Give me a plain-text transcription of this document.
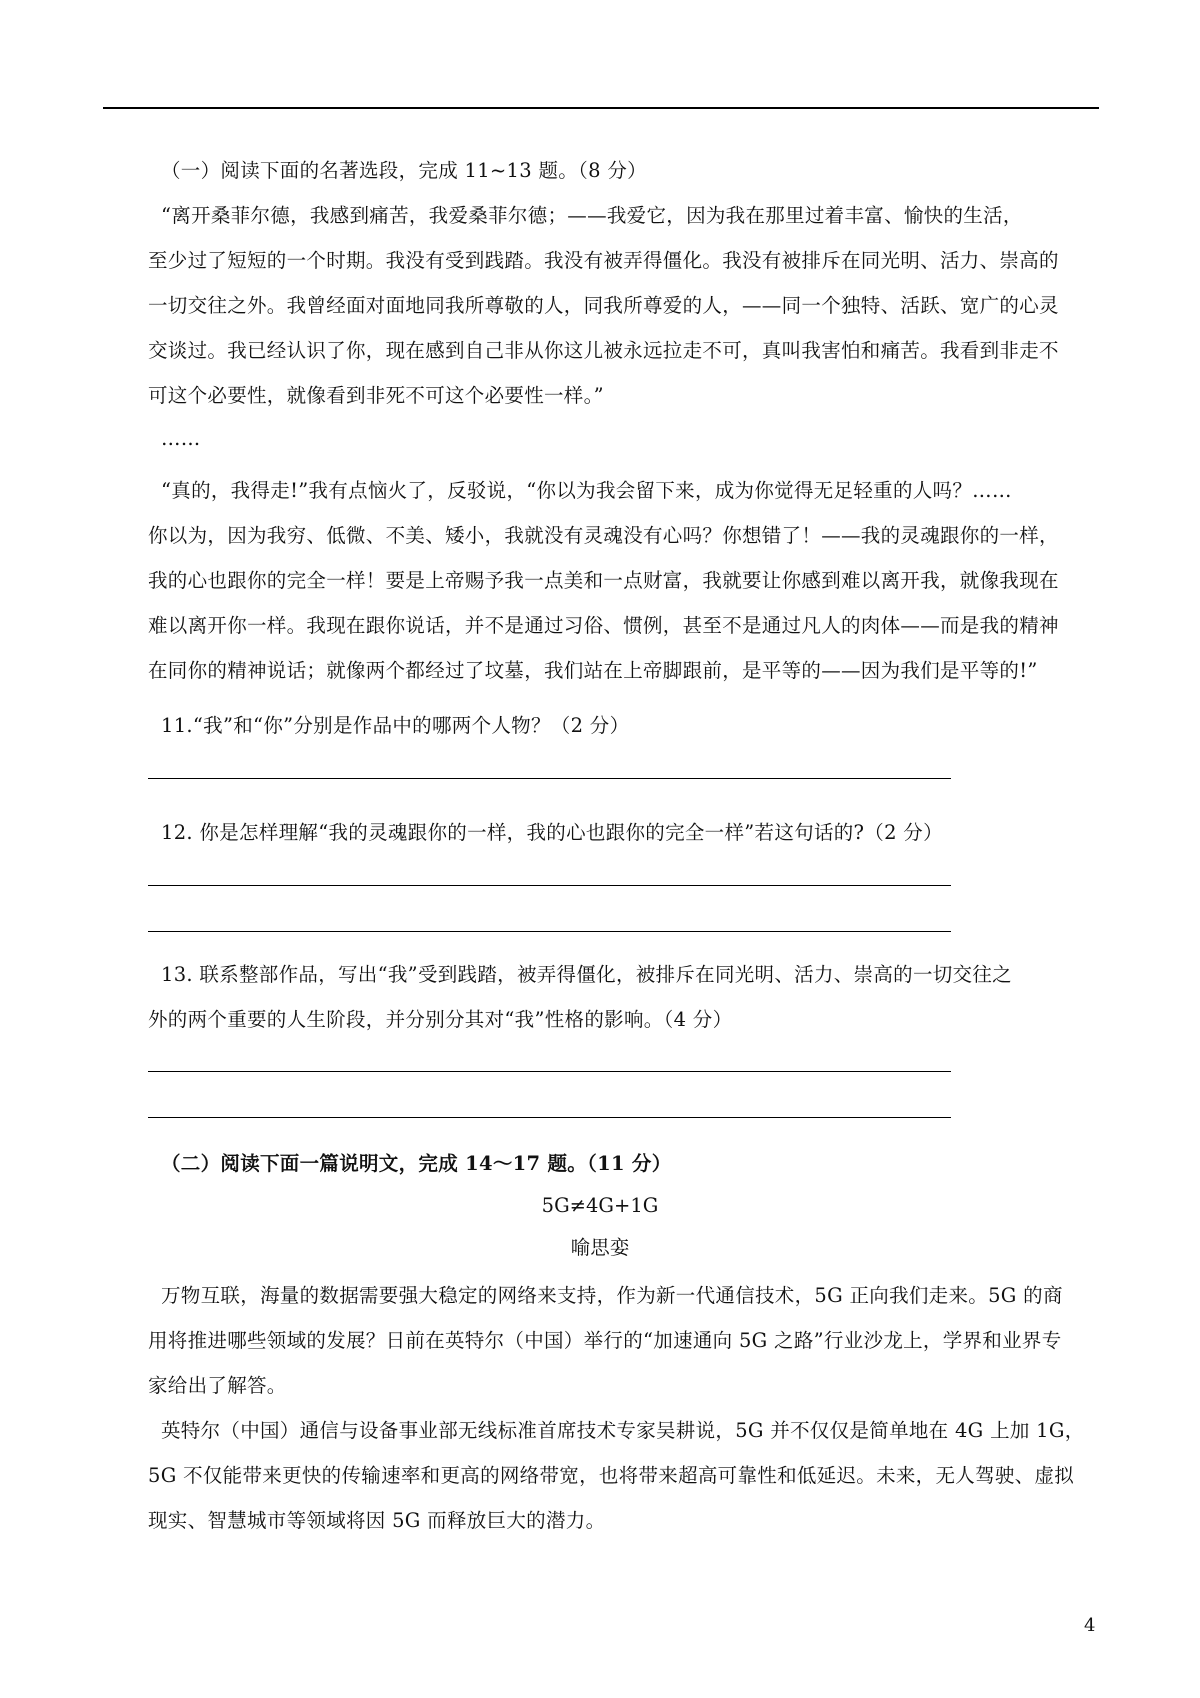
（一）阅读下面的名著选段，完成 11~13 题。（8 分）
“离开桑菲尔德，我感到痛苦，我爱桑菲尔德；——我爱它，因为我在那里过着丰富、愉快的生活，
至少过了短短的一个时期。我没有受到践踏。我没有被弄得僵化。我没有被排斥在同光明、活力、崇高的
一切交往之外。我曾经面对面地同我所尊敬的人，同我所尊爱的人，——同一个独特、活跃、宽广的心灵
交谈过。我已经认识了你，现在感到自己非从你这儿被永远拉走不可，真叫我害怕和痛苦。我看到非走不
可这个必要性，就像看到非死不可这个必要性一样。”
……
“真的，我得走!”我有点恼火了，反驳说，“你以为我会留下来，成为你觉得无足轻重的人吗？……
你以为，因为我穷、低微、不美、矮小，我就没有灵魂没有心吗？你想错了！——我的灵魂跟你的一样，
我的心也跟你的完全一样！要是上帝赐予我一点美和一点财富，我就要让你感到难以离开我，就像我现在
难以离开你一样。我现在跟你说话，并不是通过习俗、惯例，甚至不是通过凡人的肉体——而是我的精神
在同你的精神说话；就像两个都经过了坟墓，我们站在上帝脚跟前，是平等的——因为我们是平等的!”
11.“我”和“你”分别是作品中的哪两个人物？（2 分）
12. 你是怎样理解“我的灵魂跟你的一样，我的心也跟你的完全一样”若这句话的?（2 分）
13. 联系整部作品，写出“我”受到践踏，被弄得僵化，被排斥在同光明、活力、崇高的一切交往之
外的两个重要的人生阶段，并分别分其对“我”性格的影响。（4 分）
（二）阅读下面一篇说明文，完成 14～17 题。（11 分）
5G≠4G+1G
喻思娈
万物互联，海量的数据需要强大稳定的网络来支持，作为新一代通信技术，5G 正向我们走来。5G 的商
用将推进哪些领域的发展？日前在英特尔（中国）举行的“加速通向 5G 之路”行业沙龙上，学界和业界专
家给出了解答。
英特尔（中国）通信与设备事业部无线标准首席技术专家吴耕说，5G 并不仅仅是简单地在 4G 上加 1G，
5G 不仅能带来更快的传输速率和更高的网络带宽，也将带来超高可靠性和低延迟。未来，无人驾驶、虚拟
现实、智慧城市等领域将因 5G 而释放巨大的潜力。
4
